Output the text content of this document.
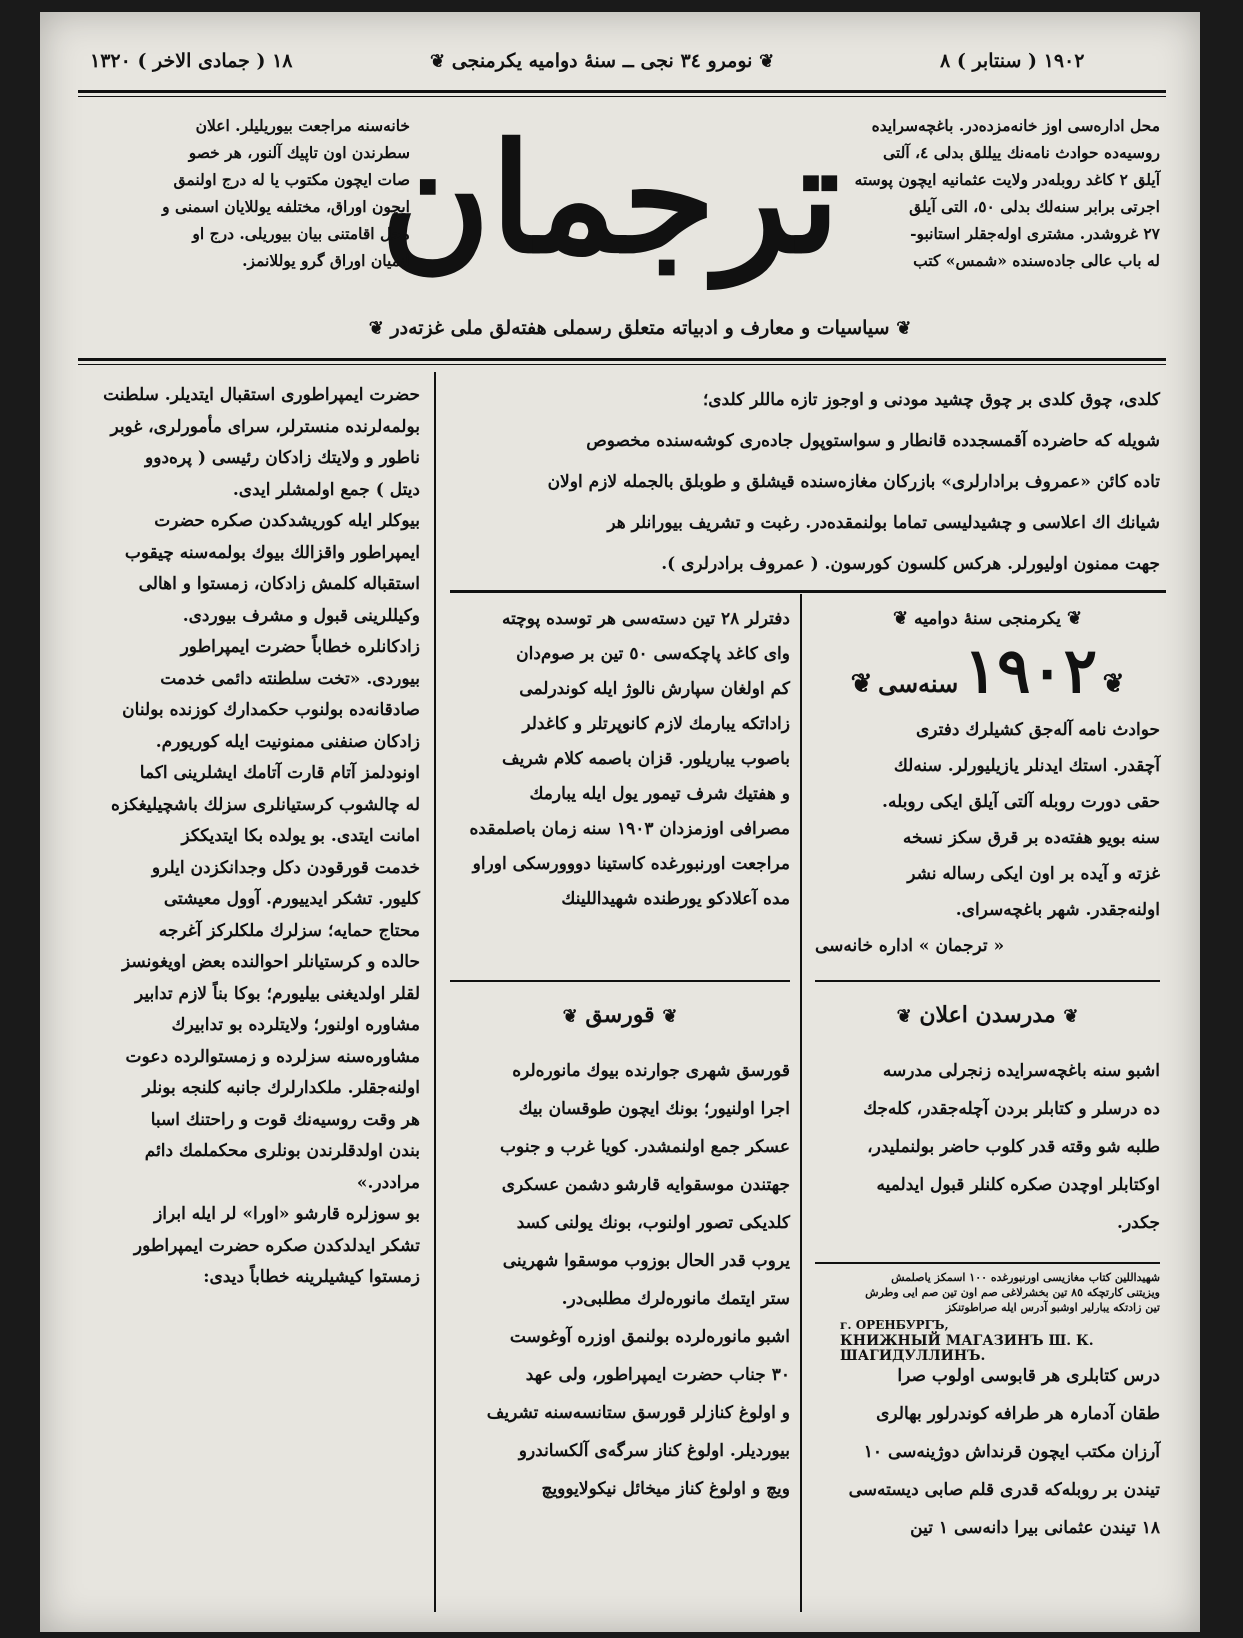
١٨ ( جمادى الاخر ) ١٣٢٠	❦ نومرو ٣٤ نجى ــ سنهٔ دوامیه یکرمنجى ❦	١٩٠٢ ( سنتابر ) ٨
محل اداره‌سی اوز خانه‌مزده‌در. باغچه‌سرایده
روسیه‌ده حوادث نامه‌نك ییللق بدلی ٤، آلتی
آیلق ٢ کاغد روبله‌در ولایت عثمانیه ایچون پوسته
اجرتی برابر سنه‌لك بدلی ٥٠، التی آیلق
٢٧ غروشدر. مشتری اوله‌جقلر استانبو-
له باب عالی جاده‌سنده «شمس» کتب
ترجمان
خانه‌سنه مراجعت بیوریلیلر. اعلان
سطرندن اون تاپیك آلنور، هر خصو
صات ایچون مکتوب یا له درج اولنمق
ایچون اوراق، مختلفه یوللایان اسمنی و
محل اقامتنی بیان بیوریلی. درج او
لنمیان اوراق گرو یوللانمز.
❦ سیاسیات و معارف و ادبیاته متعلق رسملی هفته‌لق ملی غزته‌در ❦
حضرت ایمپراطوری استقبال ایتدیلر. سلطنت
بولمه‌لرنده منسترلر، سرای مأمورلری، غوبر
ناطور و ولایتك زادکان رئیسی ( پره‌دوو
دیتل ) جمع اولمشلر ایدی.
بیوکلر ایله کوریشدکدن صکره حضرت
ایمپراطور واقزالك بیوك بولمه‌سنه چیقوب
استقباله کلمش زادکان، زمستوا و اهالی
وکیللرینی قبول و مشرف بیوردی.
زادکانلره خطاباً حضرت ایمپراطور
بیوردی. «تخت سلطنته دائمی خدمت
صادقانه‌ده بولنوب حکمدارك کوزنده بولنان
زادکان صنفنی ممنونیت ایله کوریورم.
اونودلمز آتام قارت آتامك ایشلرینی اکما
له چالشوب کرستیانلری سزلك باشچیلیغکزه
امانت ایتدی. بو یولده بکا ایتدیککز
خدمت قورقودن دکل وجدانکزدن ایلرو
کلیور. تشکر ایدییورم. آوول معیشتی
محتاج حمایه؛ سزلرك ملکلرکز آغرجه
حالده و کرستیانلر احوالنده بعض اویغونسز
لقلر اولدیغنی بیلیورم؛ بوکا بناً لازم تدابیر
مشاوره اولنور؛ ولایتلرده بو تدابیرك
مشاوره‌سنه سزلرده و زمستوالرده دعوت
اولنه‌جقلر. ملکدارلرك جانبه کلنجه بونلر
هر وقت روسیه‌نك قوت و راحتنك اسبا
بندن اولدقلرندن بونلری محکملمك دائم
مراددر.»
بو سوزلره قارشو «اورا» لر ایله ابراز
تشکر ایدلدکدن صکره حضرت ایمپراطور
زمستوا کیشیلرینه خطاباً دیدی:
کلدی، چوق کلدی بر چوق چشید مودنی و اوجوز تازه ماللر کلدی؛
شویله که حاضرده آقمسجدده قانطار و سواستوپول جاده‌ری کوشه‌سنده مخصوص
تاده کائن «عمروف برادارلری» بازرکان مغازه‌سنده قیشلق و طوبلق بالجمله لازم اولان
شیانك اك اعلاسی و چشیدلیسی تماما بولنمقده‌در. رغبت و تشریف بیورانلر هر
جهت ممنون اولیورلر. هرکس کلسون کورسون. ( عمروف برادرلری ).
دفترلر ٢٨ تین دسته‌سی هر توسده پوچته
وای کاغد پاچکه‌سی ٥٠ تین بر صوم‌دان
کم اولغان سپارش نالوژ ایله کوندرلمی
زاداتکه یبارمك لازم کانوپرتلر و کاغدلر
باصوب یباریلور. قزان باصمه کلام شریف
و هفتیك شرف تیمور یول ایله یبارمك
مصرافی اوزمزدان ١٩٠٣ سنه زمان باصلمقده
مراجعت اورنبورغده کاستینا دووورسکی اوراو
مده آعلادکو یورطنده شهیداللینك
❦ قورسق ❦
قورسق شهری جوارنده بیوك مانوره‌لره
اجرا اولنیور؛ بونك ایچون طوقسان بیك
عسکر جمع اولنمشدر. کویا غرب و جنوب
جهتندن موسقوایه قارشو دشمن عسکری
کلدیکی تصور اولنوب، بونك یولنی کسد
یروب قدر الحال بوزوب موسقوا شهرینی
ستر ایتمك مانوره‌لرك مطلبی‌در.
اشبو مانوره‌لرده بولنمق اوزره آوغوست
٣٠ جناب حضرت ایمپراطور، ولی عهد
و اولوغ کنازلر قورسق ستانسه‌سنه تشریف
بیوردیلر. اولوغ کناز سرگه‌ی آلکساندرو
ویچ و اولوغ کناز میخائل نیکولایوویچ
❦ یکرمنجی سنهٔ دوامیه ❦
❦ ١٩٠٢ سنه‌سی ❦
حوادث نامه آله‌جق کشیلرك دفتری
آچقدر. استك ایدنلر یازیلیورلر. سنه‌لك
حقی دورت روبله آلتی آیلق ایکی روبله.
سنه بویو هفته‌ده بر قرق سکز نسخه
غزته و آیده بر اون ایکی رساله نشر
اولنه‌جقدر. شهر باغچه‌سرای.
« ترجمان » اداره خانه‌سی
❦ مدرسدن اعلان ❦
اشبو سنه باغچه‌سرایده زنجرلی مدرسه
ده درسلر و کتابلر بردن آچله‌جقدر، کله‌جك
طلبه شو وقته قدر کلوب حاضر بولنملیدر،
اوکتابلر اوچدن صکره کلنلر قبول ایدلمیه
جکدر.
شهیداللین کتاب مغازیسی اورنبورغده ١٠٠ اسمکز یاصلمش
ویزیتنی کارتچکه ٨٥ تین بخشرلاغی صم اون تین صم ایی وطرش
تین زادتکه یبارلیر اوشبو آدرس ایله صراطوتنکز
г. ОРЕНБУРГЪ,
КНИЖНЫЙ МАГАЗИНЪ Ш. К. ШАГИДУЛЛИНЪ.
درس کتابلری هر قابوسی اولوب صرا
طقان آدمارہ هر طرافه کوندرلور بهالری
آرزان مکتب ایچون قرنداش دوژینه‌سی ١٠
تیندن بر روبله‌که قدری قلم صابی دیسته‌سی
١٨ تیندن عثمانی بیرا دانه‌سی ١ تین
